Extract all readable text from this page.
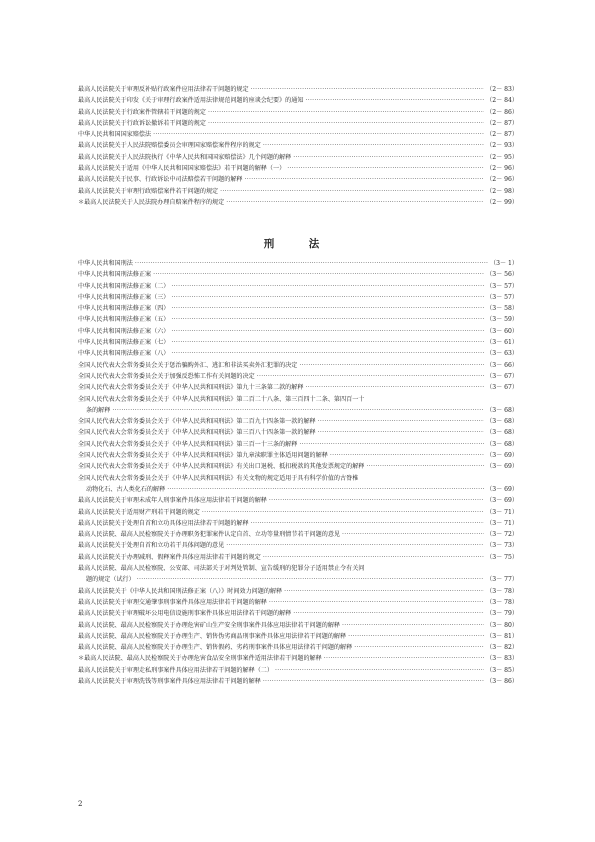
最高人民法院关于审理反补贴行政案件应用法律若干问题的规定 ·····	（2－ 83）
最高人民法院关于印发《关于审理行政案件适用法律规范问题的座谈会纪要》的通知 ·····	（2－ 84）
最高人民法院关于行政案件管辖若干问题的规定 ·····	（2－ 86）
最高人民法院关于行政诉讼撤诉若干问题的规定 ·····	（2－ 87）
中华人民共和国国家赔偿法 ·····	（2－ 87）
最高人民法院关于人民法院赔偿委员会审理国家赔偿案件程序的规定 ·····	（2－ 93）
最高人民法院关于人民法院执行《中华人民共和国国家赔偿法》几个问题的解释 ·····	（2－ 95）
最高人民法院关于适用《中华人民共和国国家赔偿法》若干问题的解释（一） ·····	（2－ 96）
最高人民法院关于民事、行政诉讼中司法赔偿若干问题的解释 ·····	（2－ 96）
最高人民法院关于审理行政赔偿案件若干问题的规定 ·····	（2－ 98）
＊最高人民法院关于人民法院办理自赔案件程序的规定 ·····	（2－ 99）
刑　法
中华人民共和国刑法 ·····	（3－ 1）
中华人民共和国刑法修正案 ·····	（3－ 56）
中华人民共和国刑法修正案（二） ·····	（3－ 57）
中华人民共和国刑法修正案（三） ·····	（3－ 57）
中华人民共和国刑法修正案（四） ·····	（3－ 58）
中华人民共和国刑法修正案（五） ·····	（3－ 59）
中华人民共和国刑法修正案（六） ·····	（3－ 60）
中华人民共和国刑法修正案（七） ·····	（3－ 61）
中华人民共和国刑法修正案（八） ·····	（3－ 63）
全国人民代表大会常务委员会关于惩治骗购外汇、逃汇和非法买卖外汇犯罪的决定 ·····	（3－ 66）
全国人民代表大会常务委员会关于加强反恐怖工作有关问题的决定 ·····	（3－ 67）
全国人民代表大会常务委员会关于《中华人民共和国刑法》第九十三条第二款的解释 ·····	（3－ 67）
全国人民代表大会常务委员会关于《中华人民共和国刑法》第二百二十八条、第三百四十二条、第四百一十
条的解释 ·····	（3－ 68）
全国人民代表大会常务委员会关于《中华人民共和国刑法》第二百九十四条第一款的解释 ·····	（3－ 68）
全国人民代表大会常务委员会关于《中华人民共和国刑法》第三百八十四条第一款的解释 ·····	（3－ 68）
全国人民代表大会常务委员会关于《中华人民共和国刑法》第三百一十三条的解释 ·····	（3－ 68）
全国人民代表大会常务委员会关于《中华人民共和国刑法》第九章渎职罪主体适用问题的解释 ·····	（3－ 69）
全国人民代表大会常务委员会关于《中华人民共和国刑法》有关出口退税、抵扣税款的其他发票规定的解释 ·····	（3－ 69）
全国人民代表大会常务委员会关于《中华人民共和国刑法》有关文物的规定适用于具有科学价值的古脊椎
动物化石、古人类化石的解释 ·····	（3－ 69）
最高人民法院关于审理未成年人刑事案件具体应用法律若干问题的解释 ·····	（3－ 69）
最高人民法院关于适用财产刑若干问题的规定 ·····	（3－ 71）
最高人民法院关于处理自首和立功具体应用法律若干问题的解释 ·····	（3－ 71）
最高人民法院、最高人民检察院关于办理职务犯罪案件认定自首、立功等量刑情节若干问题的意见 ·····	（3－ 72）
最高人民法院关于处理自首和立功若干具体问题的意见 ·····	（3－ 73）
最高人民法院关于办理减刑、假释案件具体应用法律若干问题的规定 ·····	（3－ 75）
最高人民法院、最高人民检察院、公安部、司法部关于对判处管制、宣告缓刑的犯罪分子适用禁止令有关问
题的规定（试行） ·····	（3－ 77）
最高人民法院关于《中华人民共和国刑法修正案（八）》时间效力问题的解释 ·····	（3－ 78）
最高人民法院关于审理交通肇事刑事案件具体应用法律若干问题的解释 ·····	（3－ 78）
最高人民法院关于审理破坏公用电信设施刑事案件具体应用法律若干问题的解释 ·····	（3－ 79）
最高人民法院、最高人民检察院关于办理危害矿山生产安全刑事案件具体应用法律若干问题的解释 ·····	（3－ 80）
最高人民法院、最高人民检察院关于办理生产、销售伪劣商品刑事案件具体应用法律若干问题的解释 ·····	（3－ 81）
最高人民法院、最高人民检察院关于办理生产、销售假药、劣药刑事案件具体应用法律若干问题的解释 ·····	（3－ 82）
＊最高人民法院、最高人民检察院关于办理危害食品安全刑事案件适用法律若干问题的解释 ·····	（3－ 83）
最高人民法院关于审理走私刑事案件具体应用法律若干问题的解释（二） ·····	（3－ 85）
最高人民法院关于审理洗钱等刑事案件具体应用法律若干问题的解释 ·····	（3－ 86）
2
